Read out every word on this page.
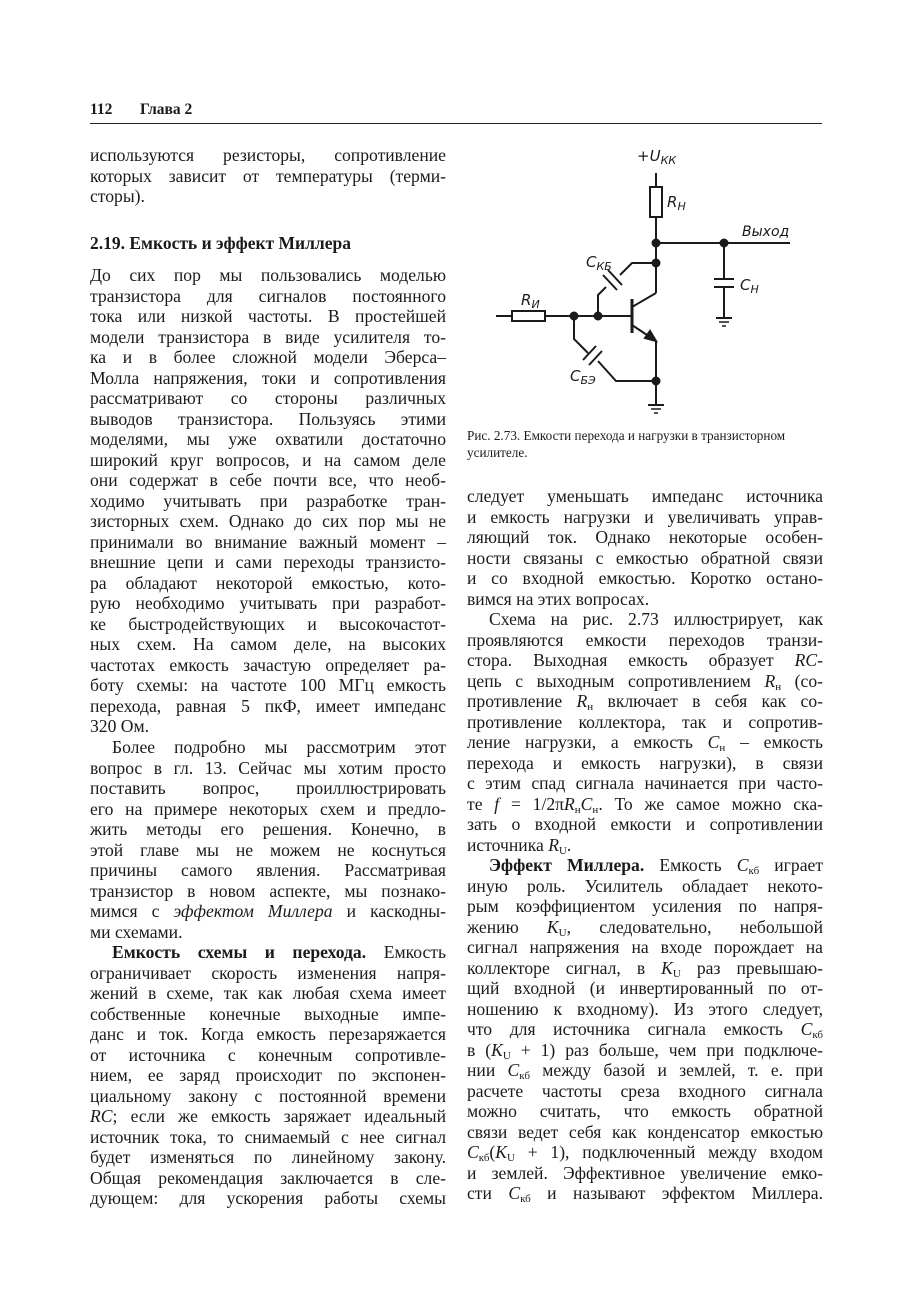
112 Глава 2
используются резисторы, сопротивление
которых зависит от температуры (терми-
сторы).
2.19. Емкость и эффект Миллера
До сих пор мы пользовались моделью
транзистора для сигналов постоянного
тока или низкой частоты. В простейшей
модели транзистора в виде усилителя то-
ка и в более сложной модели Эберса–
Молла напряжения, токи и сопротивления
рассматривают со стороны различных
выводов транзистора. Пользуясь этими
моделями, мы уже охватили достаточно
широкий круг вопросов, и на самом деле
они содержат в себе почти все, что необ-
ходимо учитывать при разработке тран-
зисторных схем. Однако до сих пор мы не
принимали во внимание важный момент –
внешние цепи и сами переходы транзисто-
ра обладают некоторой емкостью, кото-
рую необходимо учитывать при разработ-
ке быстродействующих и высокочастот-
ных схем. На самом деле, на высоких
частотах емкость зачастую определяет ра-
боту схемы: на частоте 100 МГц емкость
перехода, равная 5 пкФ, имеет импеданс
320 Ом.
Более подробно мы рассмотрим этот
вопрос в гл. 13. Сейчас мы хотим просто
поставить вопрос, проиллюстрировать
его на примере некоторых схем и предло-
жить методы его решения. Конечно, в
этой главе мы не можем не коснуться
причины самого явления. Рассматривая
транзистор в новом аспекте, мы познако-
мимся с эффектом Миллера и каскодны-
ми схемами.
Емкость схемы и перехода. Емкость
ограничивает скорость изменения напря-
жений в схеме, так как любая схема имеет
собственные конечные выходные импе-
данс и ток. Когда емкость перезаряжается
от источника с конечным сопротивле-
нием, ее заряд происходит по экспонен-
циальному закону с постоянной времени
RC; если же емкость заряжает идеальный
источник тока, то снимаемый с нее сигнал
будет изменяться по линейному закону.
Общая рекомендация заключается в сле-
дующем: для ускорения работы схемы
$+U_{КК}$
$R_Н$
Выход
$C_Н$
$C_{КБ}$
$R_И$
$C_{БЭ}$
Рис. 2.73. Емкости перехода и нагрузки в транзисторном усилителе.
следует уменьшать импеданс источника
и емкость нагрузки и увеличивать управ-
ляющий ток. Однако некоторые особен-
ности связаны с емкостью обратной связи
и со входной емкостью. Коротко остано-
вимся на этих вопросах.
Схема на рис. 2.73 иллюстрирует, как
проявляются емкости переходов транзи-
стора. Выходная емкость образует RC-
цепь с выходным сопротивлением $R_н$ (со-
противление $R_н$ включает в себя как со-
противление коллектора, так и сопротив-
ление нагрузки, а емкость $C_н$ – емкость
перехода и емкость нагрузки), в связи
с этим спад сигнала начинается при часто-
те $f = 1/2\pi R_нC_н$. То же самое можно ска-
зать о входной емкости и сопротивлении
источника $R_U$.
Эффект Миллера. Емкость $C_{кб}$ играет
иную роль. Усилитель обладает некото-
рым коэффициентом усиления по напря-
жению $K_U$, следовательно, небольшой
сигнал напряжения на входе порождает на
коллекторе сигнал, в $K_U$ раз превышаю-
щий входной (и инвертированный по от-
ношению к входному). Из этого следует,
что для источника сигнала емкость $C_{кб}$
в $(K_U + 1)$ раз больше, чем при подключе-
нии $C_{кб}$ между базой и землей, т. е. при
расчете частоты среза входного сигнала
можно считать, что емкость обратной
связи ведет себя как конденсатор емкостью
$C_{кб}(K_U + 1)$, подключенный между входом
и землей. Эффективное увеличение емко-
сти $C_{кб}$ и называют эффектом Миллера.
